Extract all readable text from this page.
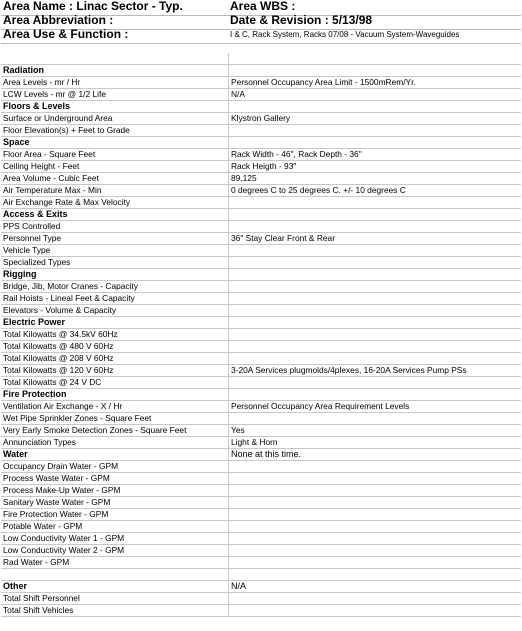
Area Name : Linac Sector - Typ.	Area WBS :
Area Abbreviation :	Date & Revision : 5/13/98
Area Use & Function :	I & C, Rack System, Racks 07/08 - Vacuum System-Waveguides

Radiation	
Area Levels - mr / Hr	Personnel Occupancy Area Limit - 1500mRem/Yr.
LCW Levels - mr @ 1/2 Life	N/A
Floors & Levels	
Surface or Underground Area	Klystron Gallery
Floor Elevation(s) + Feet to Grade	
Space	
Floor Area - Square Feet	Rack Width - 46", Rack Depth - 36"
Ceiling Height - Feet	Rack Heigth - 93"
Area Volume - Cubic Feet	89.125
Air Temperature Max - Min	0 degrees C to 25 degrees C. +/- 10 degrees C
Air Exchange Rate & Max Velocity	
Access & Exits	
PPS Controlled	
Personnel Type	36" Stay Clear Front & Rear
Vehicle Type	
Specialized Types	
Rigging	
Bridge, Jib, Motor Cranes - Capacity	
Rail Hoists - Lineal Feet & Capacity	
Elevators - Volume & Capacity	
Electric Power	
Total Kilowatts @ 34.5kV 60Hz	
Total Kilowatts @ 480 V 60Hz	
Total Kilowatts @ 208 V 60Hz	
Total Kilowatts @ 120 V 60Hz	3-20A Services plugmolds/4plexes, 16-20A Services Pump PSs
Total Kilowatts @ 24 V DC	
Fire Protection	
Ventilation Air Exchange - X / Hr	Personnel Occupancy Area Requirement Levels
Wet Pipe Sprinkler Zones - Square Feet	
Very Early Smoke Detection Zones - Square Feet	Yes
Annunciation Types	Light & Horn
Water	None at this time.
Occupancy Drain Water - GPM	
Process Waste Water - GPM	
Process Make-Up Water - GPM	
Sanitary Waste Water - GPM	
Fire Protection Water - GPM	
Potable Water - GPM	
Low Conductivity Water 1 - GPM	
Low Conductivity Water 2 - GPM	
Rad Water - GPM	

Other	N/A
Total Shift Personnel	
Total Shift Vehicles	
